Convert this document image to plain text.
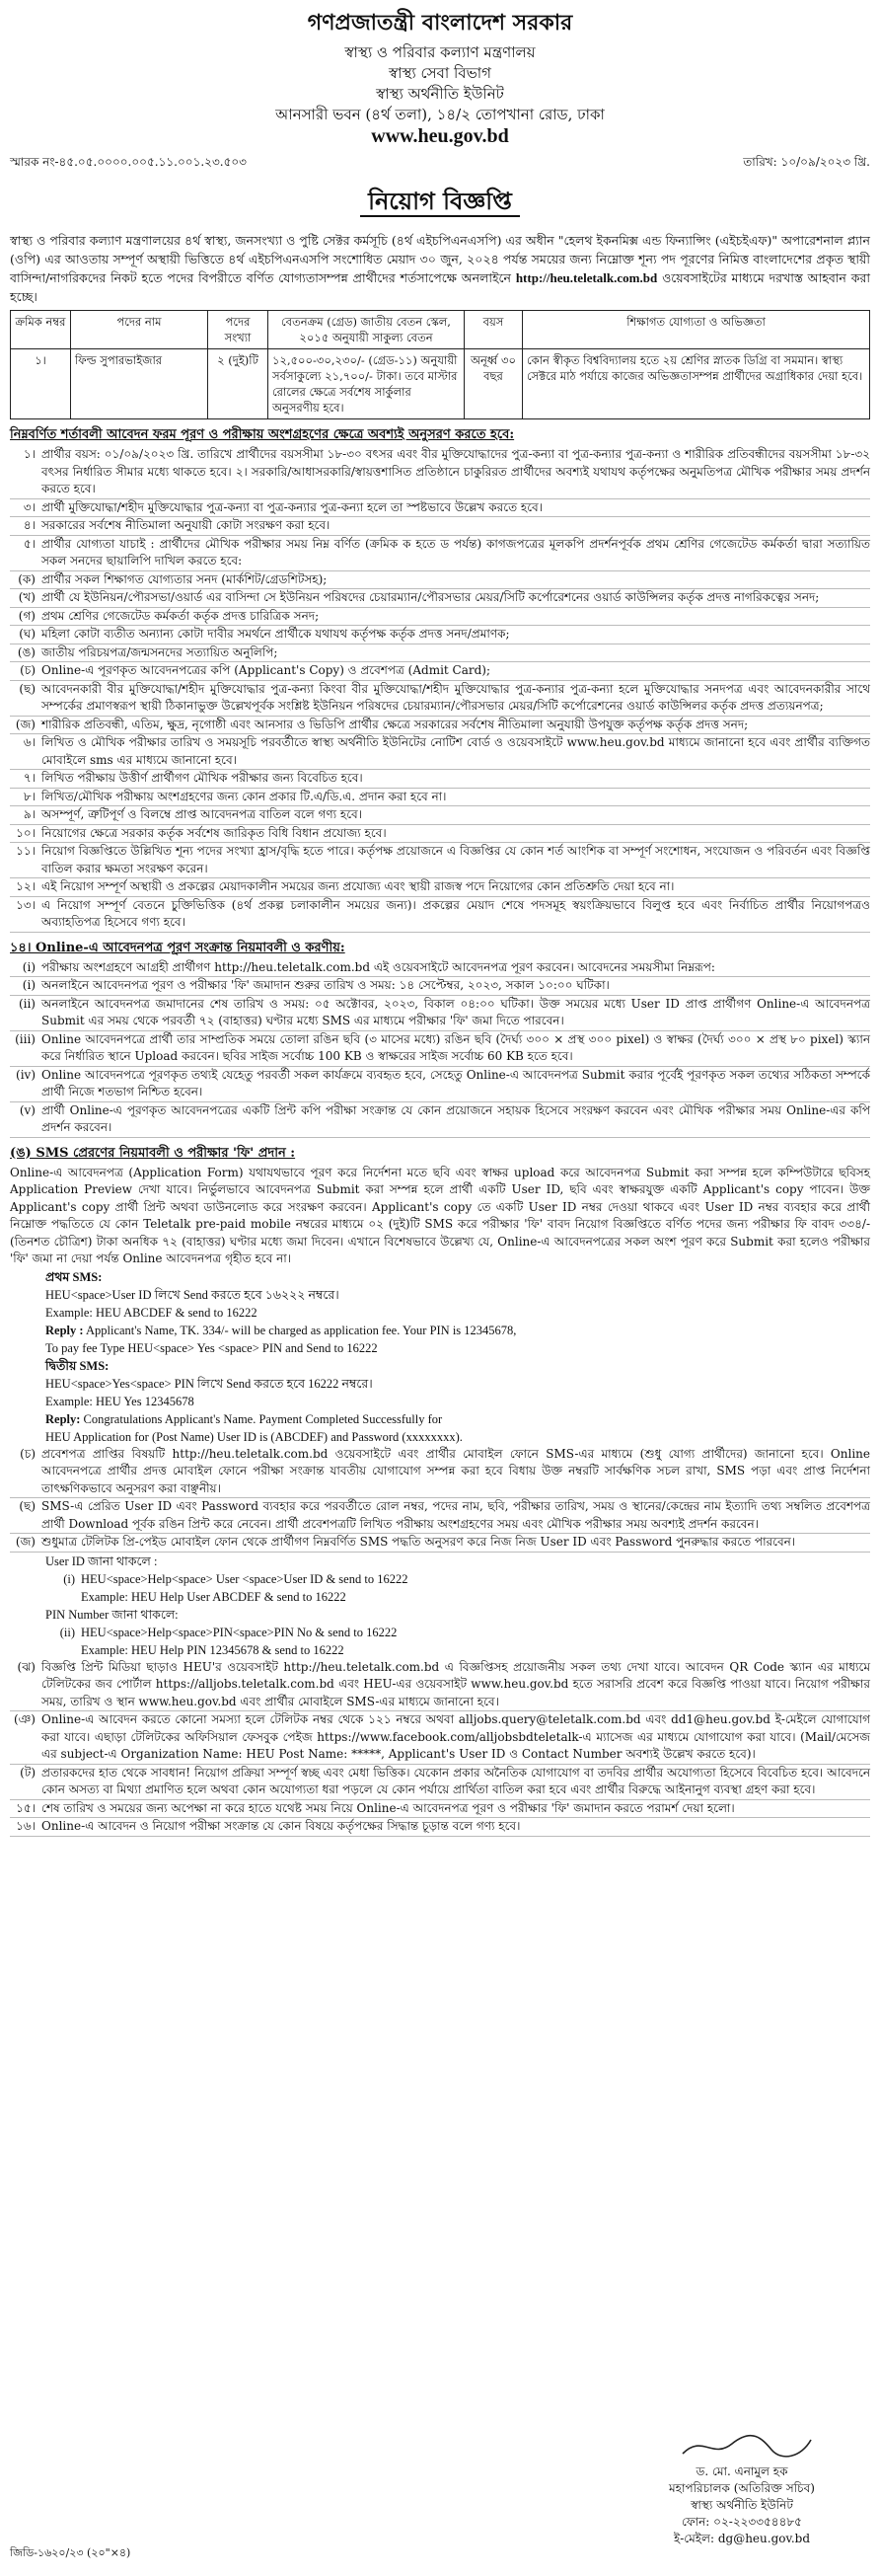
গণপ্রজাতন্ত্রী বাংলাদেশ সরকার
স্বাস্থ্য ও পরিবার কল্যাণ মন্ত্রণালয়
স্বাস্থ্য সেবা বিভাগ
স্বাস্থ্য অর্থনীতি ইউনিট
আনসারী ভবন (৪র্থ তলা), ১৪/২ তোপখানা রোড, ঢাকা
www.heu.gov.bd
স্মারক নং-৪৫.০৫.০০০০.০০৫.১১.০০১.২৩.৫০৩	তারিখ: ১০/০৯/২০২৩ খ্রি.
নিয়োগ বিজ্ঞপ্তি
স্বাস্থ্য ও পরিবার কল্যাণ মন্ত্রণালয়ের ৪র্থ স্বাস্থ্য, জনসংখ্যা ও পুষ্টি সেক্টর কর্মসূচি (৪র্থ এইচপিএনএসপি) এর অধীন "হেলথ ইকনমিক্স এন্ড ফিন্যান্সিং (এইচইএফ)" অপারেশনাল প্ল্যান (ওপি) এর আওতায় সম্পূর্ণ অস্থায়ী ভিত্তিতে ৪র্থ এইচপিএনএসপি সংশোধিত মেয়াদ ৩০ জুন, ২০২৪ পর্যন্ত সময়ের জন্য নিম্নোক্ত শূন্য পদ পূরণের নিমিত্ত বাংলাদেশের প্রকৃত স্থায়ী বাসিন্দা/নাগরিকদের নিকট হতে পদের বিপরীতে বর্ণিত যোগ্যতাসম্পন্ন প্রার্থীদের শর্তসাপেক্ষে অনলাইনে http://heu.teletalk.com.bd ওয়েবসাইটের মাধ্যমে দরখাস্ত আহবান করা হচ্ছে।
ক্রমিক নম্বর	পদের নাম	পদের সংখ্যা	বেতনক্রম (গ্রেড) জাতীয় বেতন স্কেল, ২০১৫ অনুযায়ী সাকুল্য বেতন	বয়স	শিক্ষাগত যোগ্যতা ও অভিজ্ঞতা
১।	ফিল্ড সুপারভাইজার	২ (দুই)টি	১২,৫০০-৩০,২৩০/- (গ্রেড-১১) অনুযায়ী সর্বসাকুল্যে ২১,৭০০/- টাকা। তবে মাস্টার রোলের ক্ষেত্রে সর্বশেষ সার্কুলার অনুসরণীয় হবে।	অনূর্ধ্ব ৩০ বছর	কোন স্বীকৃত বিশ্ববিদ্যালয় হতে ২য় শ্রেণির স্নাতক ডিগ্রি বা সমমান। স্বাস্থ্য সেক্টরে মাঠ পর্যায়ে কাজের অভিজ্ঞতাসম্পন্ন প্রার্থীদের অগ্রাধিকার দেয়া হবে।
নিম্নবর্ণিত শর্তাবলী আবেদন ফরম পূরণ ও পরীক্ষায় অংশগ্রহণের ক্ষেত্রে অবশ্যই অনুসরণ করতে হবে:
১। প্রার্থীর বয়স: ০১/০৯/২০২৩ খ্রি. তারিখে প্রার্থীদের বয়সসীমা ১৮-৩০ বৎসর এবং বীর মুক্তিযোদ্ধাদের পুত্র-কন্যা বা পুত্র-কন্যার পুত্র-কন্যা ও শারীরিক প্রতিবন্ধীদের বয়সসীমা ১৮-৩২ বৎসর নির্ধারিত সীমার মধ্যে থাকতে হবে। ২। সরকারি/আধাসরকারি/স্বায়ত্তশাসিত প্রতিষ্ঠানে চাকুরিরত প্রার্থীদের অবশ্যই যথাযথ কর্তৃপক্ষের অনুমতিপত্র মৌখিক পরীক্ষার সময় প্রদর্শন করতে হবে।
৩। প্রার্থী মুক্তিযোদ্ধা/শহীদ মুক্তিযোদ্ধার পুত্র-কন্যা বা পুত্র-কন্যার পুত্র-কন্যা হলে তা স্পষ্টভাবে উল্লেখ করতে হবে।
৪। সরকারের সর্বশেষ নীতিমালা অনুযায়ী কোটা সংরক্ষণ করা হবে।
৫। প্রার্থীর যোগ্যতা যাচাই : প্রার্থীদের মৌখিক পরীক্ষার সময় নিম্ন বর্ণিত (ক্রমিক ক হতে ড পর্যন্ত) কাগজপত্রের মূলকপি প্রদর্শনপূর্বক প্রথম শ্রেণির গেজেটেড কর্মকর্তা দ্বারা সত্যায়িত সকল সনদের ছায়ালিপি দাখিল করতে হবে:
(ক) প্রার্থীর সকল শিক্ষাগত যোগ্যতার সনদ (মার্কশিট/গ্রেডশিটসহ);
(খ) প্রার্থী যে ইউনিয়ন/পৌরসভা/ওয়ার্ড এর বাসিন্দা সে ইউনিয়ন পরিষদের চেয়ারম্যান/পৌরসভার মেয়র/সিটি কর্পোরেশনের ওয়ার্ড কাউন্সিলর কর্তৃক প্রদত্ত নাগরিকত্বের সনদ;
(গ) প্রথম শ্রেণির গেজেটেড কর্মকর্তা কর্তৃক প্রদত্ত চারিত্রিক সনদ;
(ঘ) মহিলা কোটা ব্যতীত অন্যান্য কোটা দাবীর সমর্থনে প্রার্থীকে যথাযথ কর্তৃপক্ষ কর্তৃক প্রদত্ত সনদ/প্রমাণক;
(ঙ) জাতীয় পরিচয়পত্র/জন্মসনদের সত্যায়িত অনুলিপি;
(চ) Online-এ পূরণকৃত আবেদনপত্রের কপি (Applicant's Copy) ও প্রবেশপত্র (Admit Card);
(ছ) আবেদনকারী বীর মুক্তিযোদ্ধা/শহীদ মুক্তিযোদ্ধার পুত্র-কন্যা কিংবা বীর মুক্তিযোদ্ধা/শহীদ মুক্তিযোদ্ধার পুত্র-কন্যার পুত্র-কন্যা হলে মুক্তিযোদ্ধার সনদপত্র এবং আবেদনকারীর সাথে সম্পর্কের প্রমাণস্বরূপ স্থায়ী ঠিকানাভুক্ত উল্লেখপূর্বক সংশ্লিষ্ট ইউনিয়ন পরিষদের চেয়ারম্যান/পৌরসভার মেয়র/সিটি কর্পোরেশনের ওয়ার্ড কাউন্সিলর কর্তৃক প্রদত্ত প্রত্যয়নপত্র;
(জ) শারীরিক প্রতিবন্ধী, এতিম, ক্ষুদ্র, নৃগোষ্ঠী এবং আনসার ও ভিডিপি প্রার্থীর ক্ষেত্রে সরকারের সর্বশেষ নীতিমালা অনুযায়ী উপযুক্ত কর্তৃপক্ষ কর্তৃক প্রদত্ত সনদ;
৬। লিখিত ও মৌখিক পরীক্ষার তারিখ ও সময়সূচি পরবর্তীতে স্বাস্থ্য অর্থনীতি ইউনিটের নোটিশ বোর্ড ও ওয়েবসাইটে www.heu.gov.bd মাধ্যমে জানানো হবে এবং প্রার্থীর ব্যক্তিগত মোবাইলে sms এর মাধ্যমে জানানো হবে।
৭। লিখিত পরীক্ষায় উত্তীর্ণ প্রার্থীগণ মৌখিক পরীক্ষার জন্য বিবেচিত হবে।
৮। লিখিত/মৌখিক পরীক্ষায় অংশগ্রহণের জন্য কোন প্রকার টি.এ/ডি.এ. প্রদান করা হবে না।
৯। অসম্পূর্ণ, ত্রুটিপূর্ণ ও বিলম্বে প্রাপ্ত আবেদনপত্র বাতিল বলে গণ্য হবে।
১০। নিয়োগের ক্ষেত্রে সরকার কর্তৃক সর্বশেষ জারিকৃত বিধি বিধান প্রযোজ্য হবে।
১১। নিয়োগ বিজ্ঞপ্তিতে উল্লিখিত শূন্য পদের সংখ্যা হ্রাস/বৃদ্ধি হতে পারে। কর্তৃপক্ষ প্রয়োজনে এ বিজ্ঞপ্তির যে কোন শর্ত আংশিক বা সম্পূর্ণ সংশোধন, সংযোজন ও পরিবর্তন এবং বিজ্ঞপ্তি বাতিল করার ক্ষমতা সংরক্ষণ করেন।
১২। এই নিয়োগ সম্পূর্ণ অস্থায়ী ও প্রকল্পের মেয়াদকালীন সময়ের জন্য প্রযোজ্য এবং স্থায়ী রাজস্ব পদে নিয়োগের কোন প্রতিশ্রুতি দেয়া হবে না।
১৩। এ নিয়োগ সম্পূর্ণ বেতনে চুক্তিভিত্তিক (৪র্থ প্রকল্প চলাকালীন সময়ের জন্য)। প্রকল্পের মেয়াদ শেষে পদসমূহ স্বয়ংক্রিয়ভাবে বিলুপ্ত হবে এবং নির্বাচিত প্রার্থীর নিয়োগপত্রও অব্যাহতিপত্র হিসেবে গণ্য হবে।
১৪। Online-এ আবেদনপত্র পূরণ সংক্রান্ত নিয়মাবলী ও করণীয়:
(i) পরীক্ষায় অংশগ্রহণে আগ্রহী প্রার্থীগণ http://heu.teletalk.com.bd এই ওয়েবসাইটে আবেদনপত্র পূরণ করবেন। আবেদনের সময়সীমা নিম্নরূপ:
(i) অনলাইনে আবেদনপত্র পূরণ ও পরীক্ষার 'ফি' জমাদান শুরুর তারিখ ও সময়: ১৪ সেপ্টেম্বর, ২০২৩, সকাল ১০:০০ ঘটিকা।
(ii) অনলাইনে আবেদনপত্র জমাদানের শেষ তারিখ ও সময়: ০৫ অক্টোবর, ২০২৩, বিকাল ০৪:০০ ঘটিকা। উক্ত সময়ের মধ্যে User ID প্রাপ্ত প্রার্থীগণ Online-এ আবেদনপত্র Submit এর সময় থেকে পরবর্তী ৭২ (বাহাত্তর) ঘণ্টার মধ্যে SMS এর মাধ্যমে পরীক্ষার 'ফি' জমা দিতে পারবেন।
(iii) Online আবেদনপত্রে প্রার্থী তার সাম্প্রতিক সময়ে তোলা রঙিন ছবি (৩ মাসের মধ্যে) রঙিন ছবি (দৈর্ঘ্য ৩০০ × প্রস্থ ৩০০ pixel) ও স্বাক্ষর (দৈর্ঘ্য ৩০০ × প্রস্থ ৮০ pixel) স্ক্যান করে নির্ধারিত স্থানে Upload করবেন। ছবির সাইজ সর্বোচ্চ 100 KB ও স্বাক্ষরের সাইজ সর্বোচ্চ 60 KB হতে হবে।
(iv) Online আবেদনপত্রে পূরণকৃত তথ্যই যেহেতু পরবর্তী সকল কার্যক্রমে ব্যবহৃত হবে, সেহেতু Online-এ আবেদনপত্র Submit করার পূর্বেই পূরণকৃত সকল তথ্যের সঠিকতা সম্পর্কে প্রার্থী নিজে শতভাগ নিশ্চিত হবেন।
(v) প্রার্থী Online-এ পূরণকৃত আবেদনপত্রের একটি প্রিন্ট কপি পরীক্ষা সংক্রান্ত যে কোন প্রয়োজনে সহায়ক হিসেবে সংরক্ষণ করবেন এবং মৌখিক পরীক্ষার সময় Online-এর কপি প্রদর্শন করবেন।
(ঙ) SMS প্রেরণের নিয়মাবলী ও পরীক্ষার 'ফি' প্রদান :
Online-এ আবেদনপত্র (Application Form) যথাযথভাবে পূরণ করে নির্দেশনা মতে ছবি এবং স্বাক্ষর upload করে আবেদনপত্র Submit করা সম্পন্ন হলে কম্পিউটারে ছবিসহ Application Preview দেখা যাবে। নির্ভুলভাবে আবেদনপত্র Submit করা সম্পন্ন হলে প্রার্থী একটি User ID, ছবি এবং স্বাক্ষরযুক্ত একটি Applicant's copy পাবেন। উক্ত Applicant's copy প্রার্থী প্রিন্ট অথবা ডাউনলোড করে সংরক্ষণ করবেন। Applicant's copy তে একটি User ID নম্বর দেওয়া থাকবে এবং User ID নম্বর ব্যবহার করে প্রার্থী নিম্নোক্ত পদ্ধতিতে যে কোন Teletalk pre-paid mobile নম্বরের মাধ্যমে ০২ (দুই)টি SMS করে পরীক্ষার 'ফি' বাবদ নিয়োগ বিজ্ঞপ্তিতে বর্ণিত পদের জন্য পরীক্ষার ফি বাবদ ৩৩৪/- (তিনশত চৌত্রিশ) টাকা অনধিক ৭২ (বাহাত্তর) ঘণ্টার মধ্যে জমা দিবেন। এখানে বিশেষভাবে উল্লেখ্য যে, Online-এ আবেদনপত্রের সকল অংশ পূরণ করে Submit করা হলেও পরীক্ষার 'ফি' জমা না দেয়া পর্যন্ত Online আবেদনপত্র গৃহীত হবে না।
প্রথম SMS:
HEU<space>User ID লিখে Send করতে হবে ১৬২২২ নম্বরে।
Example: HEU ABCDEF & send to 16222
Reply : Applicant's Name, TK. 334/- will be charged as application fee. Your PIN is 12345678,
To pay fee Type HEU<space> Yes <space> PIN and Send to 16222
দ্বিতীয় SMS:
HEU<space>Yes<space> PIN লিখে Send করতে হবে 16222 নম্বরে।
Example: HEU Yes 12345678
Reply: Congratulations Applicant's Name. Payment Completed Successfully for
HEU Application for (Post Name) User ID is (ABCDEF) and Password (xxxxxxxx).
(চ) প্রবেশপত্র প্রাপ্তির বিষয়টি http://heu.teletalk.com.bd ওয়েবসাইটে এবং প্রার্থীর মোবাইল ফোনে SMS-এর মাধ্যমে (শুধু যোগ্য প্রার্থীদের) জানানো হবে। Online আবেদনপত্রে প্রার্থীর প্রদত্ত মোবাইল ফোনে পরীক্ষা সংক্রান্ত যাবতীয় যোগাযোগ সম্পন্ন করা হবে বিধায় উক্ত নম্বরটি সার্বক্ষণিক সচল রাখা, SMS পড়া এবং প্রাপ্ত নির্দেশনা তাৎক্ষণিকভাবে অনুসরণ করা বাঞ্ছনীয়।
(ছ) SMS-এ প্রেরিত User ID এবং Password ব্যবহার করে পরবর্তীতে রোল নম্বর, পদের নাম, ছবি, পরীক্ষার তারিখ, সময় ও স্থানের/কেন্দ্রের নাম ইত্যাদি তথ্য সম্বলিত প্রবেশপত্র প্রার্থী Download পূর্বক রঙিন প্রিন্ট করে নেবেন। প্রার্থী প্রবেশপত্রটি লিখিত পরীক্ষায় অংশগ্রহণের সময় এবং মৌখিক পরীক্ষার সময় অবশ্যই প্রদর্শন করবেন।
(জ) শুধুমাত্র টেলিটক প্রি-পেইড মোবাইল ফোন থেকে প্রার্থীগণ নিম্নবর্ণিত SMS পদ্ধতি অনুসরণ করে নিজ নিজ User ID এবং Password পুনরুদ্ধার করতে পারবেন।
User ID জানা থাকলে :
(i) HEU<space>Help<space> User <space>User ID & send to 16222
Example: HEU Help User ABCDEF & send to 16222
PIN Number জানা থাকলে:
(ii) HEU<space>Help<space>PIN<space>PIN No & send to 16222
Example: HEU Help PIN 12345678 & send to 16222
(ঝ) বিজ্ঞপ্তি প্রিন্ট মিডিয়া ছাড়াও HEU'র ওয়েবসাইট http://heu.teletalk.com.bd এ বিজ্ঞপ্তিসহ প্রয়োজনীয় সকল তথ্য দেখা যাবে। আবেদন QR Code স্ক্যান এর মাধ্যমে টেলিটকের জব পোর্টাল https://alljobs.teletalk.com.bd এবং HEU-এর ওয়েবসাইট www.heu.gov.bd হতে সরাসরি প্রবেশ করে বিজ্ঞপ্তি পাওয়া যাবে। নিয়োগ পরীক্ষার সময়, তারিখ ও স্থান www.heu.gov.bd এবং প্রার্থীর মোবাইলে SMS-এর মাধ্যমে জানানো হবে।
(ঞ) Online-এ আবেদন করতে কোনো সমস্যা হলে টেলিটক নম্বর থেকে ১২১ নম্বরে অথবা alljobs.query@teletalk.com.bd এবং dd1@heu.gov.bd ই-মেইলে যোগাযোগ করা যাবে। এছাড়া টেলিটকের অফিসিয়াল ফেসবুক পেইজ https://www.facebook.com/alljobsbdteletalk-এ ম্যাসেজ এর মাধ্যমে যোগাযোগ করা যাবে। (Mail/মেসেজ এর subject-এ Organization Name: HEU Post Name: *****, Applicant's User ID ও Contact Number অবশ্যই উল্লেখ করতে হবে)।
(ট) প্রতারকদের হাত থেকে সাবধান! নিয়োগ প্রক্রিয়া সম্পূর্ণ স্বচ্ছ এবং মেধা ভিত্তিক। যেকোন প্রকার অনৈতিক যোগাযোগ বা তদবির প্রার্থীর অযোগ্যতা হিসেবে বিবেচিত হবে। আবেদনে কোন অসত্য বা মিথ্যা প্রমাণিত হলে অথবা কোন অযোগ্যতা ধরা পড়লে যে কোন পর্যায়ে প্রার্থিতা বাতিল করা হবে এবং প্রার্থীর বিরুদ্ধে আইনানুগ ব্যবস্থা গ্রহণ করা হবে।
১৫। শেষ তারিখ ও সময়ের জন্য অপেক্ষা না করে হাতে যথেষ্ট সময় নিয়ে Online-এ আবেদনপত্র পূরণ ও পরীক্ষার 'ফি' জমাদান করতে পরামর্শ দেয়া হলো।
১৬। Online-এ আবেদন ও নিয়োগ পরীক্ষা সংক্রান্ত যে কোন বিষয়ে কর্তৃপক্ষের সিদ্ধান্ত চূড়ান্ত বলে গণ্য হবে।
ড. মো. এনামুল হক
মহাপরিচালক (অতিরিক্ত সচিব)
স্বাস্থ্য অর্থনীতি ইউনিট
ফোন: ০২-২২৩৩৫৪৪৮৫
ই-মেইল: dg@heu.gov.bd
জিডি-১৬২০/২৩ (২০"×৪)
